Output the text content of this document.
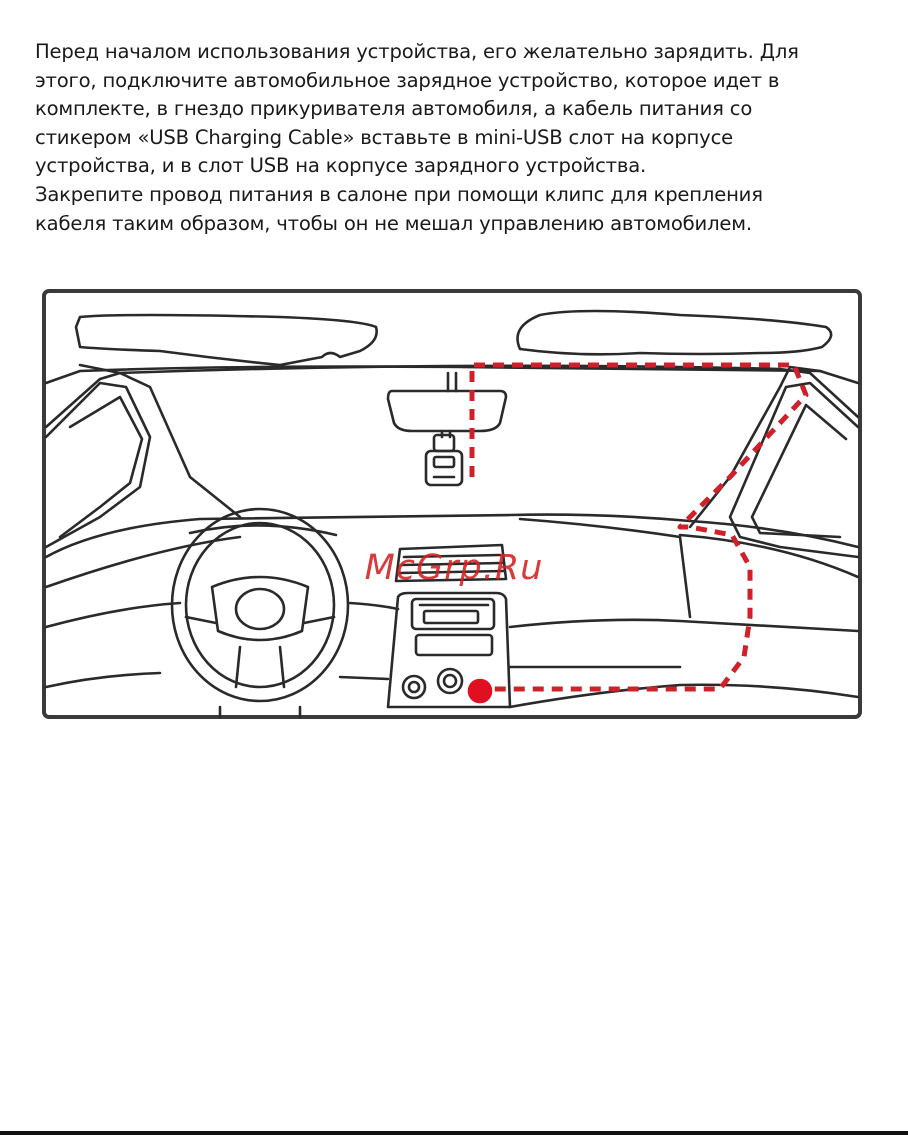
Перед началом использования устройства, его желательно зарядить. Для
этого, подключите автомобильное зарядное устройство, которое идет в
комплекте, в гнездо прикуривателя автомобиля, а кабель питания со
стикером «USB Charging Cable» вставьте в mini-USB слот на корпусе
устройства, и в слот USB на корпусе зарядного устройства.
Закрепите провод питания в салоне при помощи клипс для крепления
кабеля таким образом, чтобы он не мешал управлению автомобилем.
McGrp.Ru
